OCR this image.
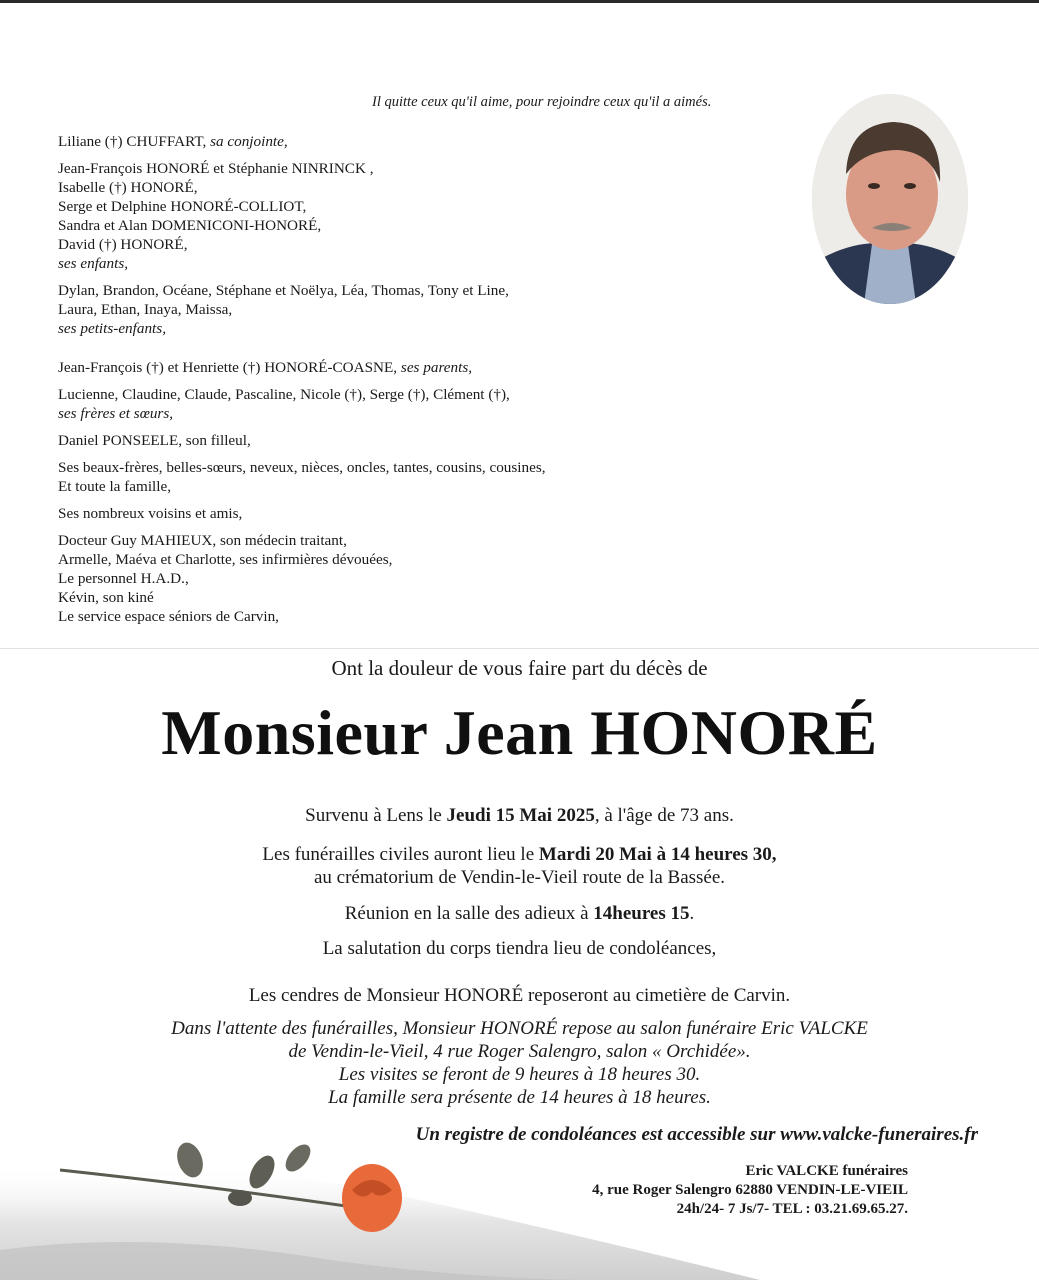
Il quitte ceux qu'il aime, pour rejoindre ceux qu'il a aimés.
Liliane (†) CHUFFART, sa conjointe,
Jean-François HONORÉ et Stéphanie NINRINCK ,
Isabelle (†) HONORÉ,
Serge et Delphine HONORÉ-COLLIOT,
Sandra et Alan DOMENICONI-HONORÉ,
David (†) HONORÉ,
ses enfants,
Dylan, Brandon, Océane, Stéphane et Noëlya, Léa, Thomas, Tony et Line,
Laura, Ethan, Inaya, Maissa,
ses petits-enfants,
Jean-François (†) et Henriette (†) HONORÉ-COASNE, ses parents,
Lucienne, Claudine, Claude, Pascaline, Nicole (†), Serge (†), Clément (†),
ses frères et sœurs,
Daniel PONSEELE, son filleul,
Ses beaux-frères, belles-sœurs, neveux, nièces, oncles, tantes, cousins, cousines,
Et toute la famille,
Ses nombreux voisins et amis,
Docteur Guy MAHIEUX, son médecin traitant,
Armelle, Maéva et Charlotte, ses infirmières dévouées,
Le personnel H.A.D.,
Kévin, son kiné
Le service espace séniors de Carvin,
Ont la douleur de vous faire part du décès de
Monsieur Jean HONORÉ
Survenu à Lens le Jeudi 15 Mai 2025, à l'âge de 73 ans.
Les funérailles civiles auront lieu le Mardi 20 Mai à 14 heures 30,
au crématorium de Vendin-le-Vieil route de la Bassée.
Réunion en la salle des adieux à 14heures 15.
La salutation du corps tiendra lieu de condoléances,
Les cendres de Monsieur HONORÉ reposeront au cimetière de Carvin.
Dans l'attente des funérailles, Monsieur HONORÉ repose au salon funéraire Eric VALCKE
de Vendin-le-Vieil, 4 rue Roger Salengro, salon « Orchidée».
Les visites se feront de 9 heures à 18 heures 30.
La famille sera présente de 14 heures à 18 heures.
Un registre de condoléances est accessible sur www.valcke-funeraires.fr
Eric VALCKE funéraires
4, rue Roger Salengro 62880 VENDIN-LE-VIEIL
24h/24- 7 Js/7- TEL : 03.21.69.65.27.
